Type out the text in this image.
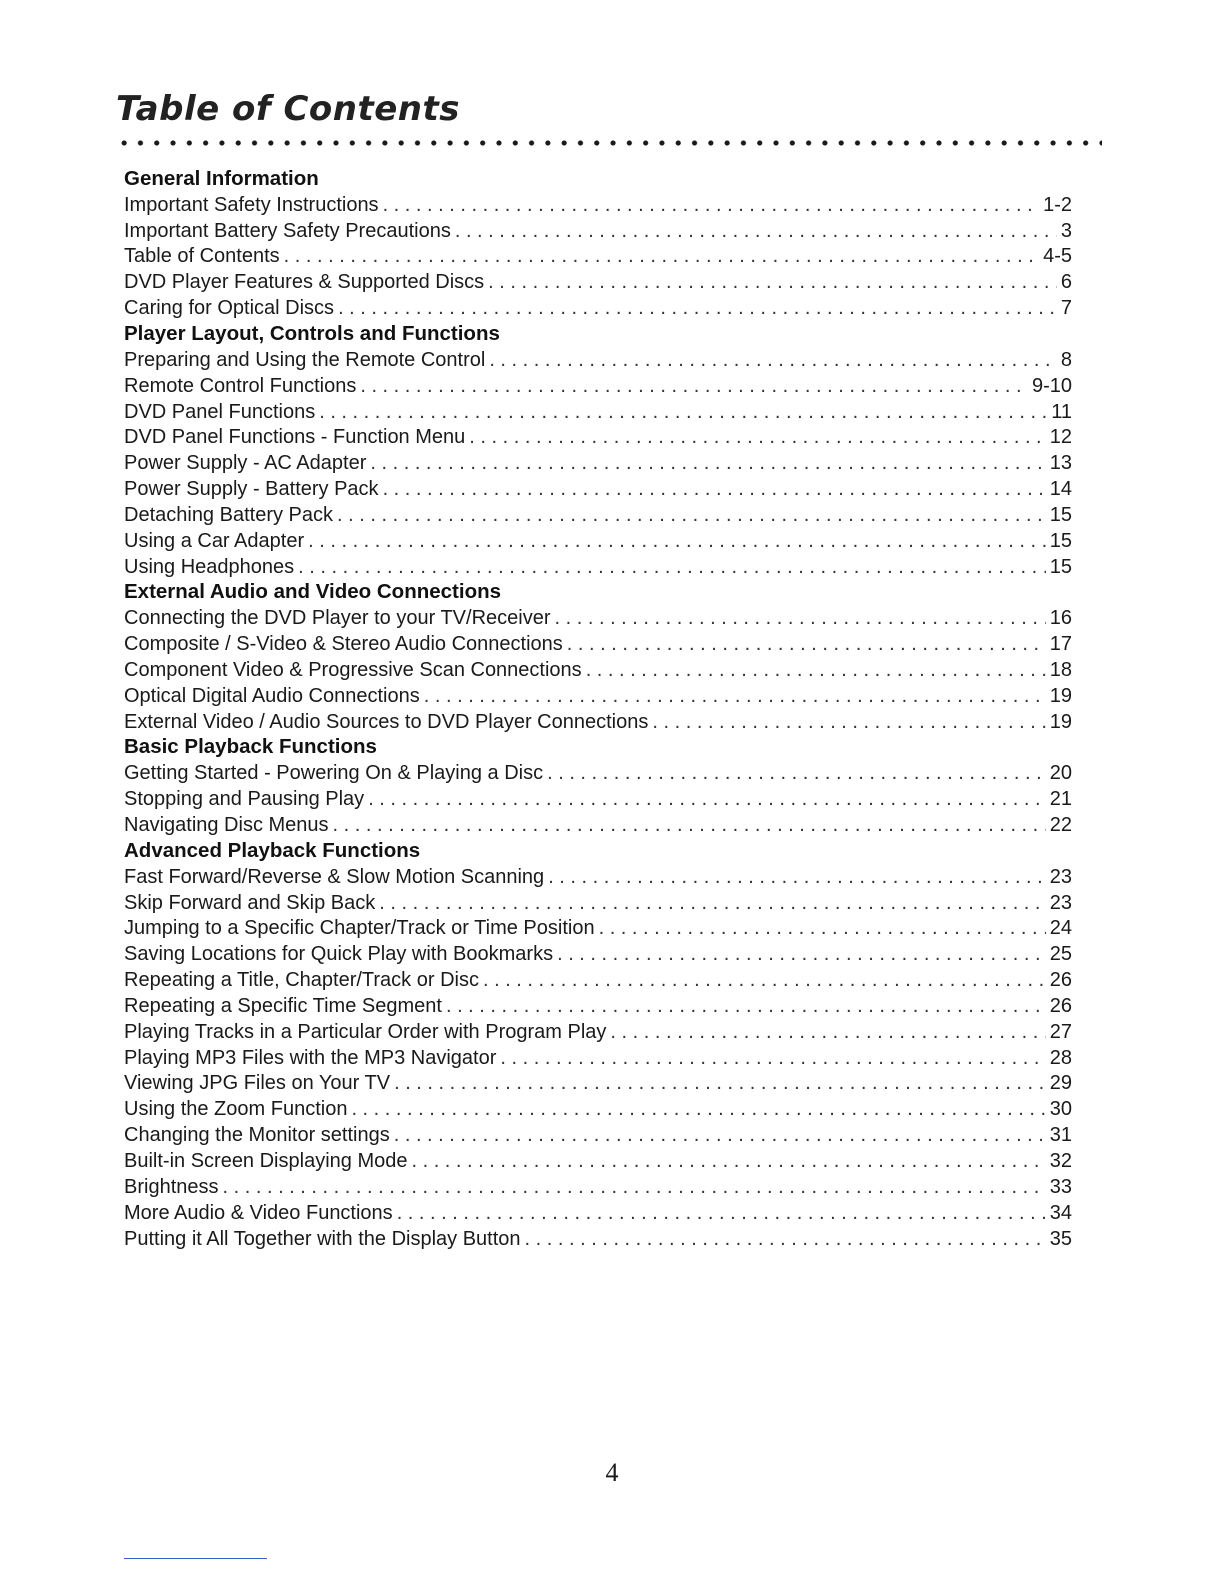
Table of Contents
General Information
Important Safety Instructions . . .	1-2
Important Battery Safety Precautions . . .	3
Table of Contents . . .	4-5
DVD Player Features & Supported Discs . . .	6
Caring for Optical Discs . . .	7
Player Layout, Controls and Functions
Preparing and Using the Remote Control . . .	8
Remote Control Functions . . .	9-10
DVD Panel Functions . . .	11
DVD Panel Functions - Function Menu . . .	12
Power Supply - AC Adapter . . .	13
Power Supply - Battery Pack . . .	14
Detaching Battery Pack . . .	15
Using a Car Adapter . . .	15
Using Headphones . . .	15
External Audio and Video Connections
Connecting the DVD Player to your TV/Receiver . . .	16
Composite / S-Video & Stereo Audio Connections . . .	17
Component Video & Progressive Scan Connections . . .	18
Optical Digital Audio Connections . . .	19
External Video / Audio Sources to DVD Player Connections . . .	19
Basic Playback Functions
Getting Started - Powering On & Playing a Disc . . .	20
Stopping and Pausing Play . . .	21
Navigating Disc Menus . . .	22
Advanced Playback Functions
Fast Forward/Reverse & Slow Motion Scanning . . .	23
Skip Forward and Skip Back . . .	23
Jumping to a Specific Chapter/Track or Time Position . . .	24
Saving Locations for Quick Play with Bookmarks . . .	25
Repeating a Title, Chapter/Track or Disc . . .	26
Repeating a Specific Time Segment . . .	26
Playing Tracks in a Particular Order with Program Play . . .	27
Playing MP3 Files with the MP3 Navigator . . .	28
Viewing JPG Files on Your TV . . .	29
Using the Zoom Function . . .	30
Changing the Monitor settings . . .	31
Built-in Screen Displaying Mode . . .	32
Brightness . . .	33
More Audio & Video Functions . . .	34
Putting it All Together with the Display Button . . .	35
4
